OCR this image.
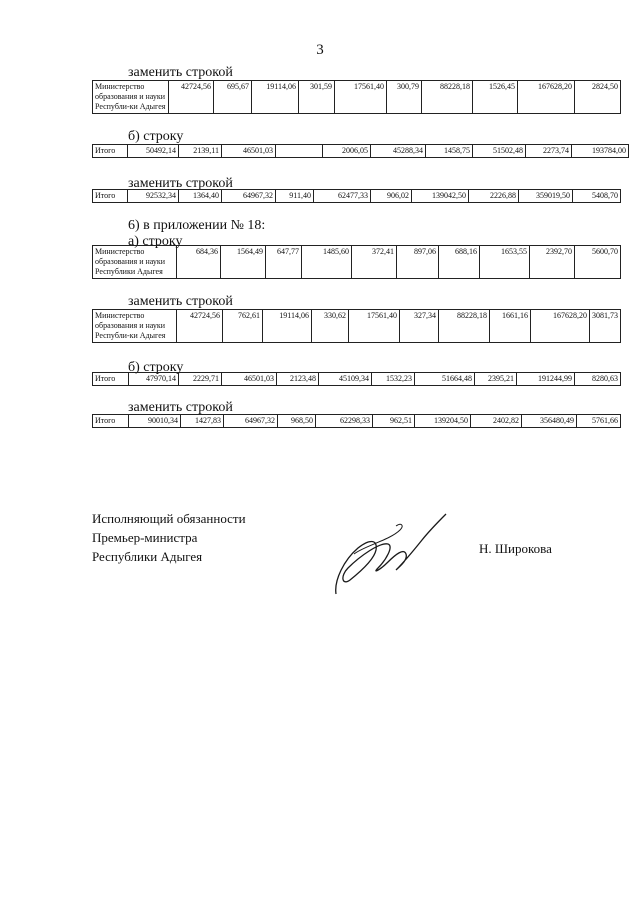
3
заменить строкой
Министерство образования и науки Республи-ки Адыгея	42724,56	695,67	19114,06	301,59	17561,40	300,79	88228,18	1526,45	167628,20	2824,50
б) строку
Итого	50492,14	2139,11	46501,03		2006,05	45288,34	1458,75	51502,48	2273,74	193784,00
заменить строкой
Итого	92532,34	1364,40	64967,32	911,40	62477,33	906,02	139042,50	2226,88	359019,50	5408,70
6) в приложении № 18:
а) строку
Министерство образования и науки Республики Адыгея	684,36	1564,49	647,77	1485,60	372,41	897,06	688,16	1653,55	2392,70	5600,70
заменить строкой
Министерство образования и науки Республи-ки Адыгея	42724,56	762,61	19114,06	330,62	17561,40	327,34	88228,18	1661,16	167628,20	3081,73
б) строку
Итого	47970,14	2229,71	46501,03	2123,48	45109,34	1532,23	51664,48	2395,21	191244,99	8280,63
заменить строкой
Итого	90010,34	1427,83	64967,32	968,50	62298,33	962,51	139204,50	2402,82	356480,49	5761,66
Исполняющий обязанности
Премьер-министра
Республики Адыгея
Н. Широкова
